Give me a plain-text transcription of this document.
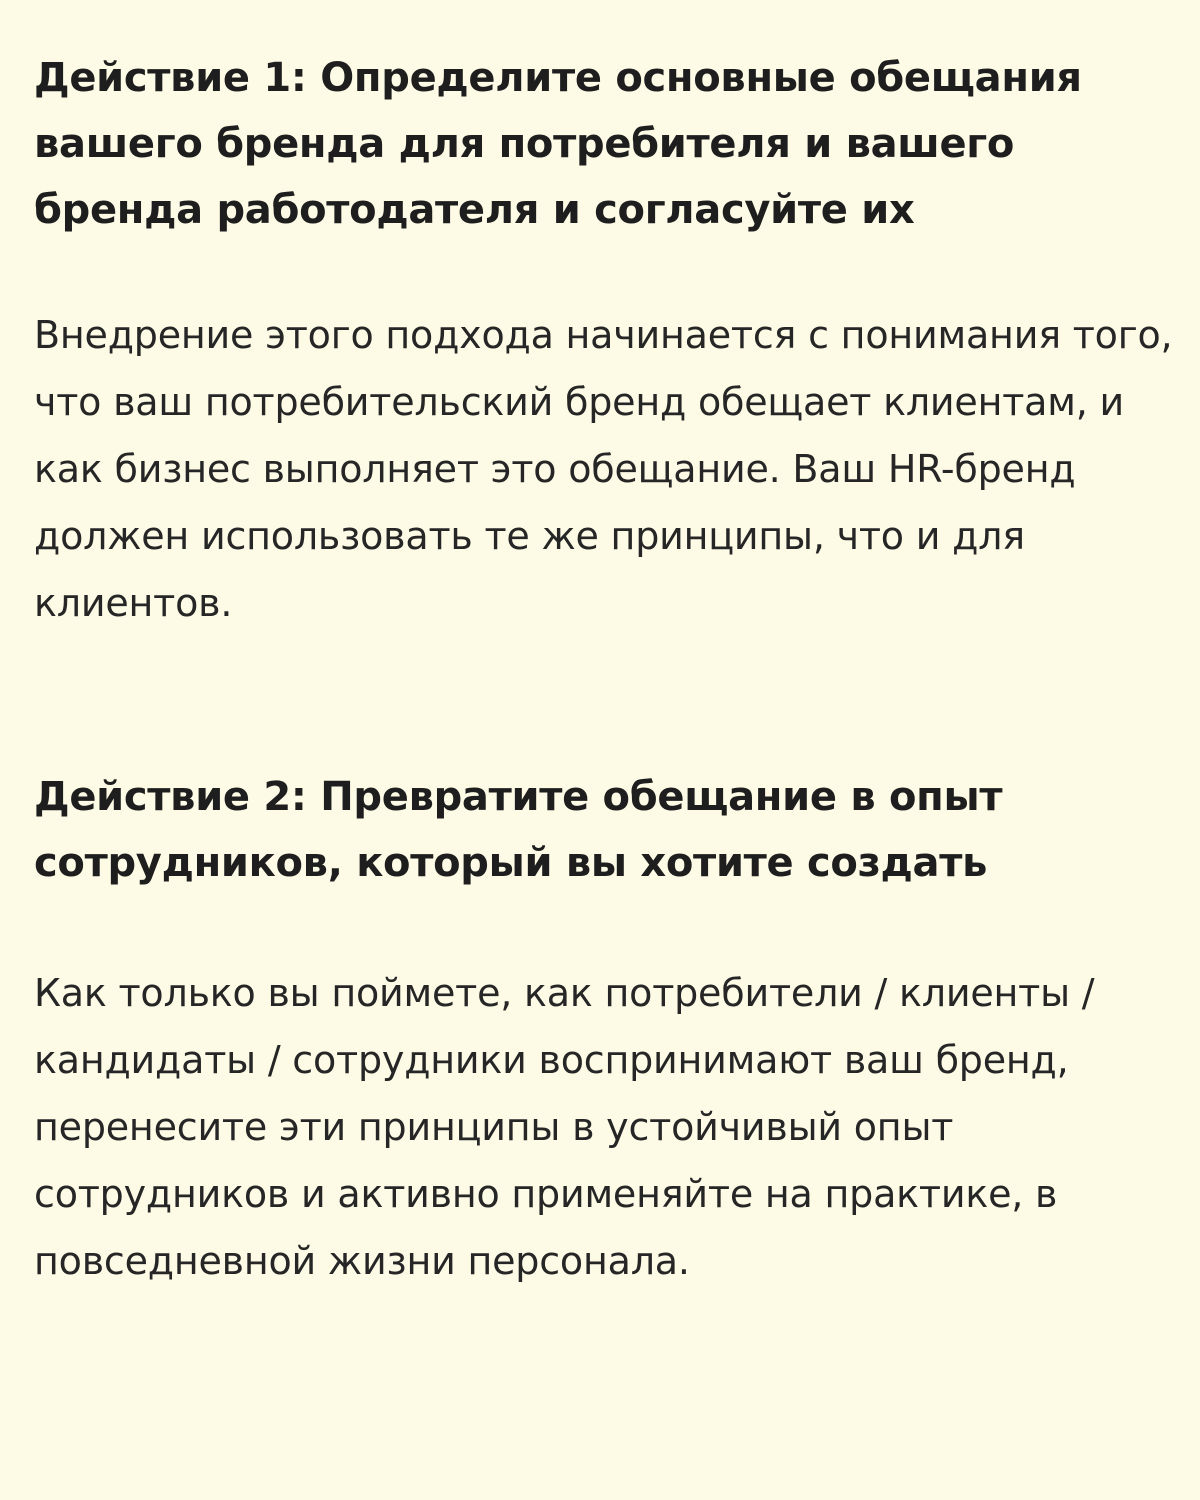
Действие 1: Определите основные обещания вашего бренда для потребителя и вашего бренда работодателя и согласуйте их

Внедрение этого подхода начинается с понимания того, что ваш потребительский бренд обещает клиентам, и как бизнес выполняет это обещание. Ваш HR-бренд должен использовать те же принципы, что и для клиентов.

Действие 2: Превратите обещание в опыт сотрудников, который вы хотите создать

Как только вы поймете, как потребители / клиенты / кандидаты / сотрудники воспринимают ваш бренд, перенесите эти принципы в устойчивый опыт сотрудников и активно применяйте на практике, в повседневной жизни персонала.
